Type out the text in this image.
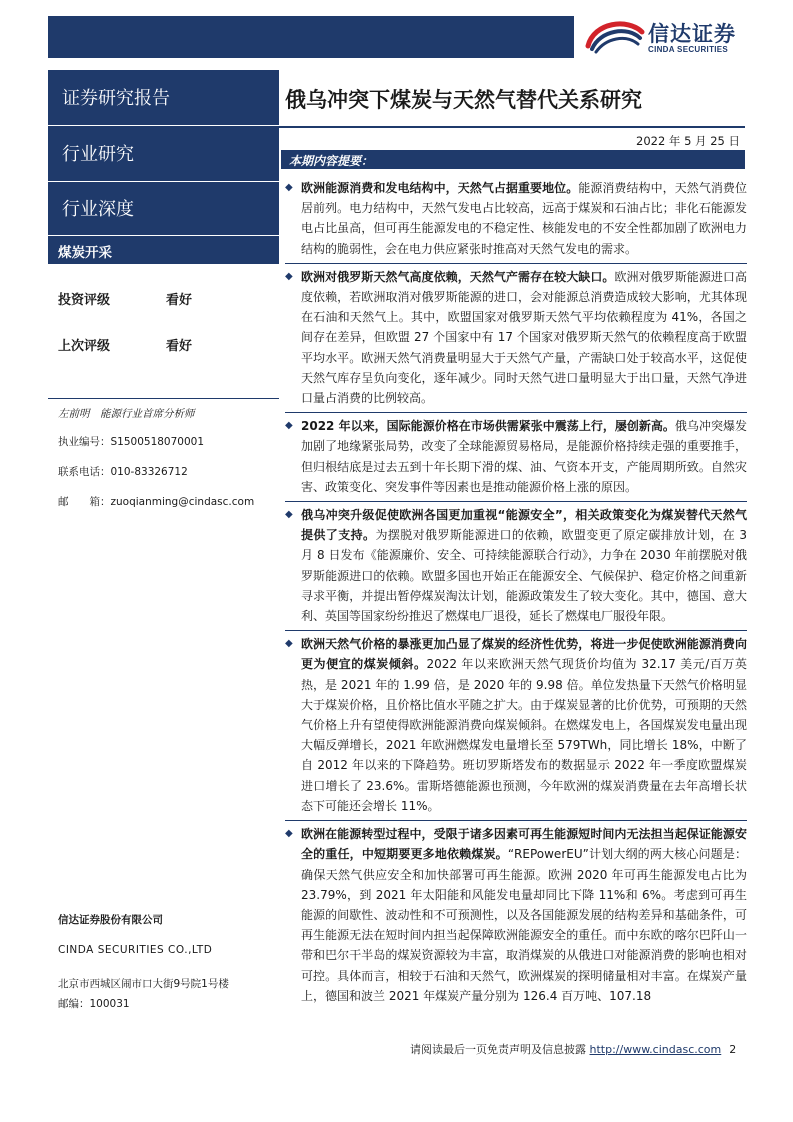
信达证券
CINDA SECURITIES
证券研究报告
行业研究
行业深度
煤炭开采
投资评级	看好
上次评级	看好
左前明　能源行业首席分析师
执业编号：S1500518070001
联系电话：010-83326712
邮　　箱：zuoqianming@cindasc.com
信达证券股份有限公司
CINDA SECURITIES CO.,LTD
北京市西城区闹市口大街9号院1号楼
邮编：100031
俄乌冲突下煤炭与天然气替代关系研究
2022 年 5 月 25 日
本期内容提要：
◆ 欧洲能源消费和发电结构中，天然气占据重要地位。能源消费结构中，天然气消费位居前列。电力结构中，天然气发电占比较高，远高于煤炭和石油占比；非化石能源发电占比虽高，但可再生能源发电的不稳定性、核能发电的不安全性都加剧了欧洲电力结构的脆弱性，会在电力供应紧张时推高对天然气发电的需求。
◆ 欧洲对俄罗斯天然气高度依赖，天然气产需存在较大缺口。欧洲对俄罗斯能源进口高度依赖，若欧洲取消对俄罗斯能源的进口，会对能源总消费造成较大影响，尤其体现在石油和天然气上。其中，欧盟国家对俄罗斯天然气平均依赖程度为 41%，各国之间存在差异，但欧盟 27 个国家中有 17 个国家对俄罗斯天然气的依赖程度高于欧盟平均水平。欧洲天然气消费量明显大于天然气产量，产需缺口处于较高水平，这促使天然气库存呈负向变化，逐年减少。同时天然气进口量明显大于出口量，天然气净进口量占消费的比例较高。
◆ 2022 年以来，国际能源价格在市场供需紧张中震荡上行，屡创新高。俄乌冲突爆发加剧了地缘紧张局势，改变了全球能源贸易格局，是能源价格持续走强的重要推手，但归根结底是过去五到十年长期下滑的煤、油、气资本开支，产能周期所致。自然灾害、政策变化、突发事件等因素也是推动能源价格上涨的原因。
◆ 俄乌冲突升级促使欧洲各国更加重视“能源安全”，相关政策变化为煤炭替代天然气提供了支持。为摆脱对俄罗斯能源进口的依赖，欧盟变更了原定碳排放计划，在 3 月 8 日发布《能源廉价、安全、可持续能源联合行动》，力争在 2030 年前摆脱对俄罗斯能源进口的依赖。欧盟多国也开始正在能源安全、气候保护、稳定价格之间重新寻求平衡，并提出暂停煤炭淘汰计划，能源政策发生了较大变化。其中，德国、意大利、英国等国家纷纷推迟了燃煤电厂退役，延长了燃煤电厂服役年限。
◆ 欧洲天然气价格的暴涨更加凸显了煤炭的经济性优势，将进一步促使欧洲能源消费向更为便宜的煤炭倾斜。2022 年以来欧洲天然气现货价均值为 32.17 美元/百万英热，是 2021 年的 1.99 倍，是 2020 年的 9.98 倍。单位发热量下天然气价格明显大于煤炭价格，且价格比值水平随之扩大。由于煤炭显著的比价优势，可预期的天然气价格上升有望使得欧洲能源消费向煤炭倾斜。在燃煤发电上，各国煤炭发电量出现大幅反弹增长，2021 年欧洲燃煤发电量增长至 579TWh，同比增长 18%，中断了自 2012 年以来的下降趋势。班切罗斯塔发布的数据显示 2022 年一季度欧盟煤炭进口增长了 23.6%。雷斯塔德能源也预测，今年欧洲的煤炭消费量在去年高增长状态下可能还会增长 11%。
◆ 欧洲在能源转型过程中，受限于诸多因素可再生能源短时间内无法担当起保证能源安全的重任，中短期要更多地依赖煤炭。“REPowerEU”计划大纲的两大核心问题是：确保天然气供应安全和加快部署可再生能源。欧洲 2020 年可再生能源发电占比为 23.79%，到 2021 年太阳能和风能发电量却同比下降 11%和 6%。考虑到可再生能源的间歇性、波动性和不可预测性，以及各国能源发展的结构差异和基础条件，可再生能源无法在短时间内担当起保障欧洲能源安全的重任。而中东欧的喀尔巴阡山一带和巴尔干半岛的煤炭资源较为丰富，取消煤炭的从俄进口对能源消费的影响也相对可控。具体而言，相较于石油和天然气，欧洲煤炭的探明储量相对丰富。在煤炭产量上，德国和波兰 2021 年煤炭产量分别为 126.4 百万吨、107.18
请阅读最后一页免责声明及信息披露 http://www.cindasc.com 2
